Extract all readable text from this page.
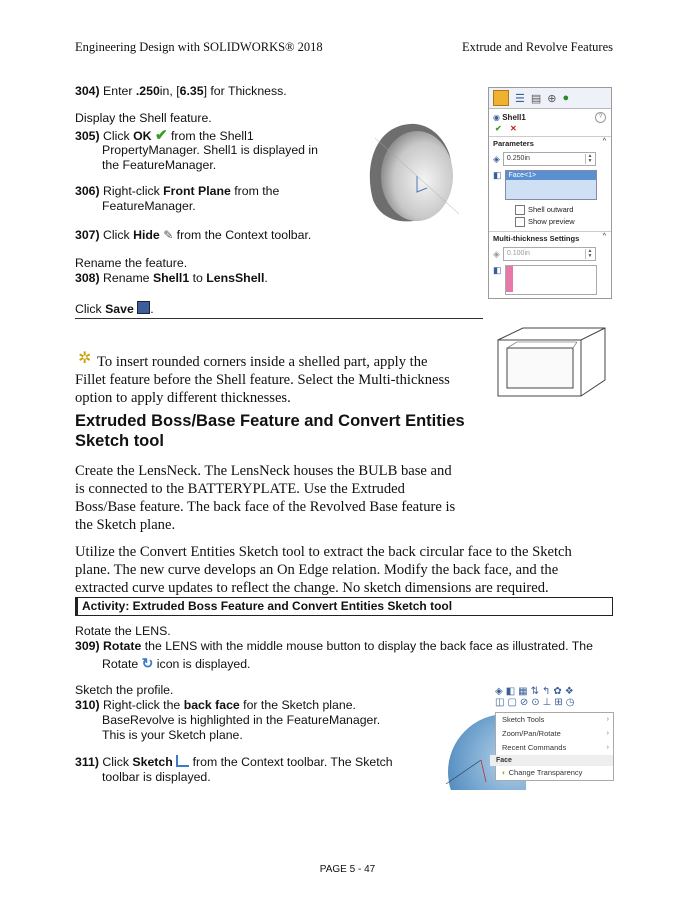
Engineering Design with SOLIDWORKS® 2018	Extrude and Revolve Features
304) Enter .250in, [6.35] for Thickness.
Display the Shell feature.
305) Click OK ✔ from the Shell1
PropertyManager. Shell1 is displayed in
the FeatureManager.
306) Right-click Front Plane from the
FeatureManager.
307) Click Hide ✎ from the Context toolbar.
Rename the feature.
308) Rename Shell1 to LensShell.
Click Save .
☰ ▤ ⊕ ●
◉ Shell1	?
✔ ✕
Parameters	^
◈	0.250in	▲
▼
◧	Face<1>
Shell outward
Show preview
Multi-thickness Settings	^
◈	0.100in	▲
▼
◧
✲ To insert rounded corners inside a shelled part, apply the
Fillet feature before the Shell feature. Select the Multi-thickness
option to apply different thicknesses.
Extruded Boss/Base Feature and Convert Entities
Sketch tool
Create the LensNeck. The LensNeck houses the BULB base and
is connected to the BATTERYPLATE. Use the Extruded
Boss/Base feature. The back face of the Revolved Base feature is
the Sketch plane.
Utilize the Convert Entities Sketch tool to extract the back circular face to the Sketch
plane. The new curve develops an On Edge relation. Modify the back face, and the
extracted curve updates to reflect the change. No sketch dimensions are required.
Activity: Extruded Boss Feature and Convert Entities Sketch tool
Rotate the LENS.
309) Rotate the LENS with the middle mouse button to display the back face as illustrated. The
Rotate ↻ icon is displayed.
Sketch the profile.
310) Right-click the back face for the Sketch plane.
BaseRevolve is highlighted in the FeatureManager.
This is your Sketch plane.
311) Click Sketch  from the Context toolbar. The Sketch
toolbar is displayed.
◈◧▦⇅↰✿❖
◫▢⊘⊙⊥⊞◷
Sketch Tools	›
Zoom/Pan/Rotate	›
Recent Commands	›
Face
◐ Change Transparency
PAGE 5 - 47
